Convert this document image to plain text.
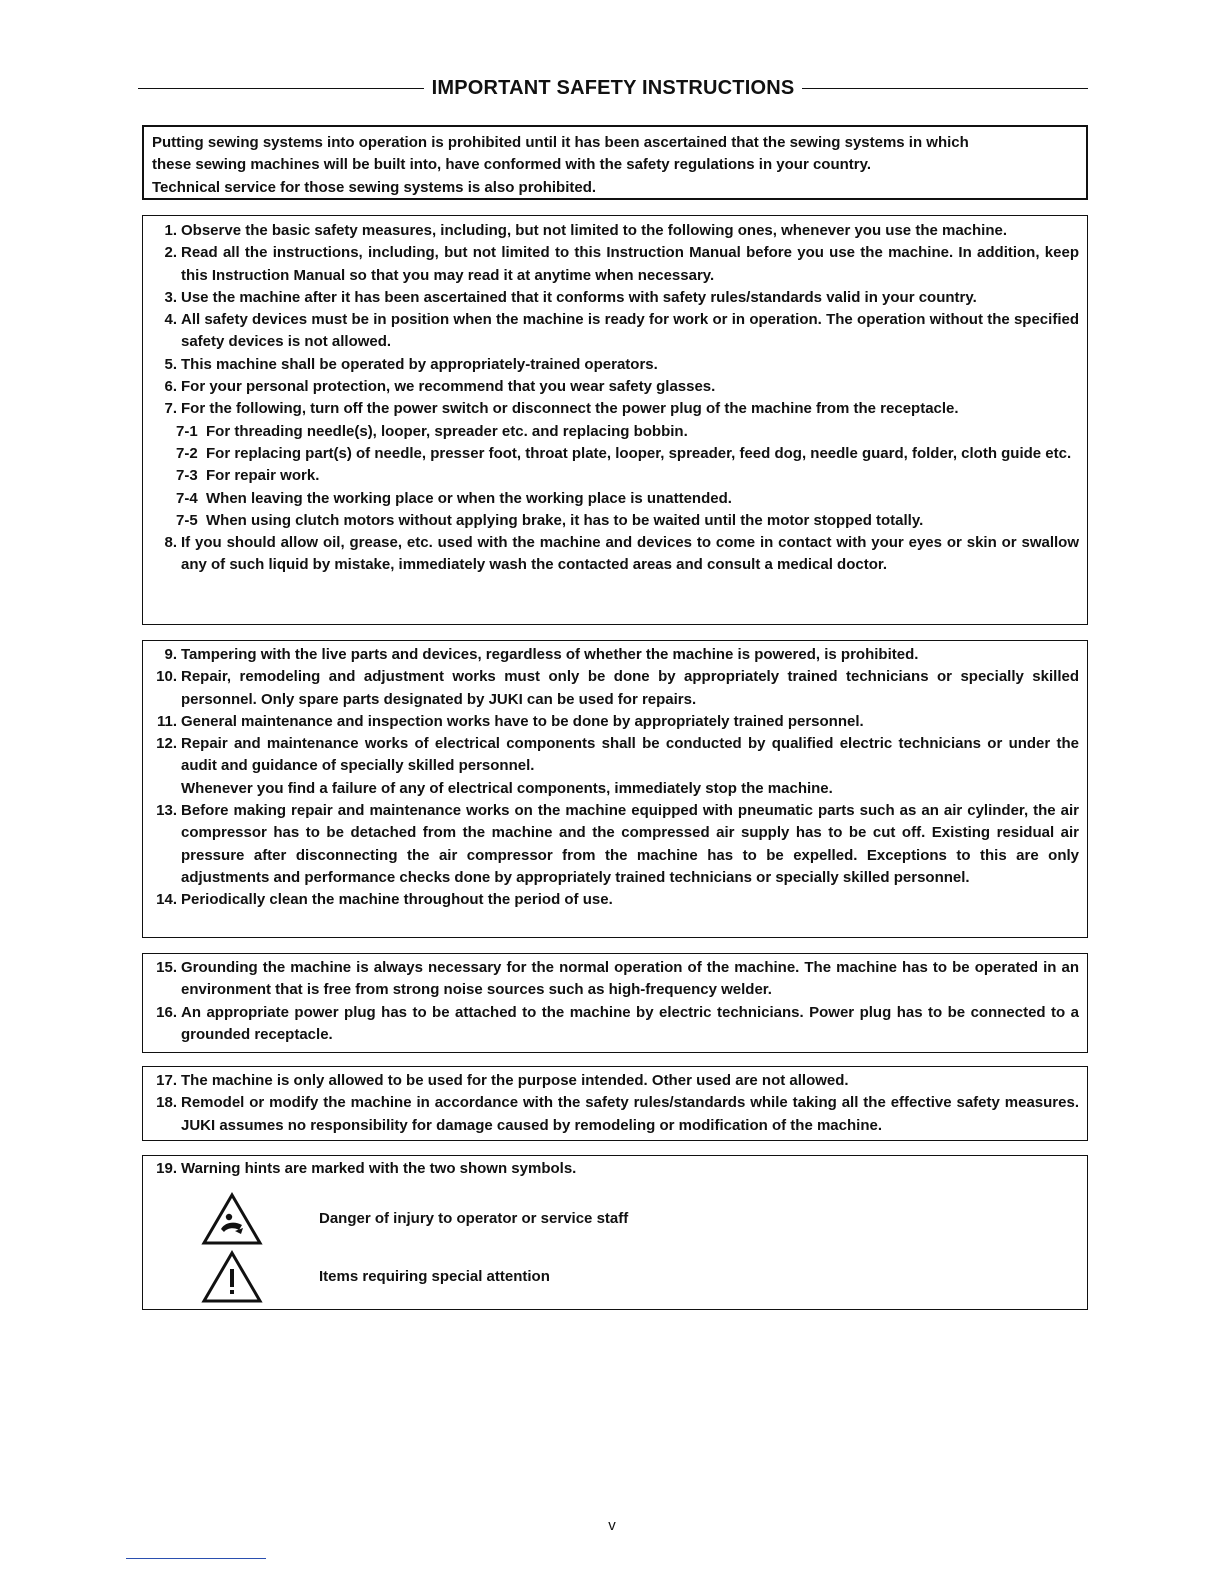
IMPORTANT SAFETY INSTRUCTIONS
Putting sewing systems into operation is prohibited until it has been ascertained that the sewing systems in which
these sewing machines will be built into, have conformed with the safety regulations in your country.
Technical service for those sewing systems is also prohibited.
1. Observe the basic safety measures, including, but not limited to the following ones, whenever you use the machine.
2. Read all the instructions, including, but not limited to this Instruction Manual before you use the machine. In addition, keep this Instruction Manual so that you may read it at anytime when necessary.
3. Use the machine after it has been ascertained that it conforms with safety rules/standards valid in your country.
4. All safety devices must be in position when the machine is ready for work or in operation. The operation without the specified safety devices is not allowed.
5. This machine shall be operated by appropriately-trained operators.
6. For your personal protection, we recommend that you wear safety glasses.
7. For the following, turn off the power switch or disconnect the power plug of the machine from the receptacle.
7-1 For threading needle(s), looper, spreader etc. and replacing bobbin.
7-2 For replacing part(s) of needle, presser foot, throat plate, looper, spreader, feed dog, needle guard, folder, cloth guide etc.
7-3 For repair work.
7-4 When leaving the working place or when the working place is unattended.
7-5 When using clutch motors without applying brake, it has to be waited until the motor stopped totally.
8. If you should allow oil, grease, etc. used with the machine and devices to come in contact with your eyes or skin or swallow any of such liquid by mistake, immediately wash the contacted areas and consult a medical doctor.
9. Tampering with the live parts and devices, regardless of whether the machine is powered, is prohibited.
10. Repair, remodeling and adjustment works must only be done by appropriately trained technicians or specially skilled personnel. Only spare parts designated by JUKI can be used for repairs.
11. General maintenance and inspection works have to be done by appropriately trained personnel.
12. Repair and maintenance works of electrical components shall be conducted by qualified electric technicians or under the audit and guidance of specially skilled personnel.
Whenever you find a failure of any of electrical components, immediately stop the machine.
13. Before making repair and maintenance works on the machine equipped with pneumatic parts such as an air cylinder, the air compressor has to be detached from the machine and the compressed air supply has to be cut off. Existing residual air pressure after disconnecting the air compressor from the machine has to be expelled. Exceptions to this are only adjustments and performance checks done by appropriately trained technicians or specially skilled personnel.
14. Periodically clean the machine throughout the period of use.
15. Grounding the machine is always necessary for the normal operation of the machine. The machine has to be operated in an environment that is free from strong noise sources such as high-frequency welder.
16. An appropriate power plug has to be attached to the machine by electric technicians. Power plug has to be connected to a grounded receptacle.
17. The machine is only allowed to be used for the purpose intended. Other used are not allowed.
18. Remodel or modify the machine in accordance with the safety rules/standards while taking all the effective safety measures. JUKI assumes no responsibility for damage caused by remodeling or modification of the machine.
19. Warning hints are marked with the two shown symbols.
Danger of injury to operator or service staff
Items requiring special attention
v
